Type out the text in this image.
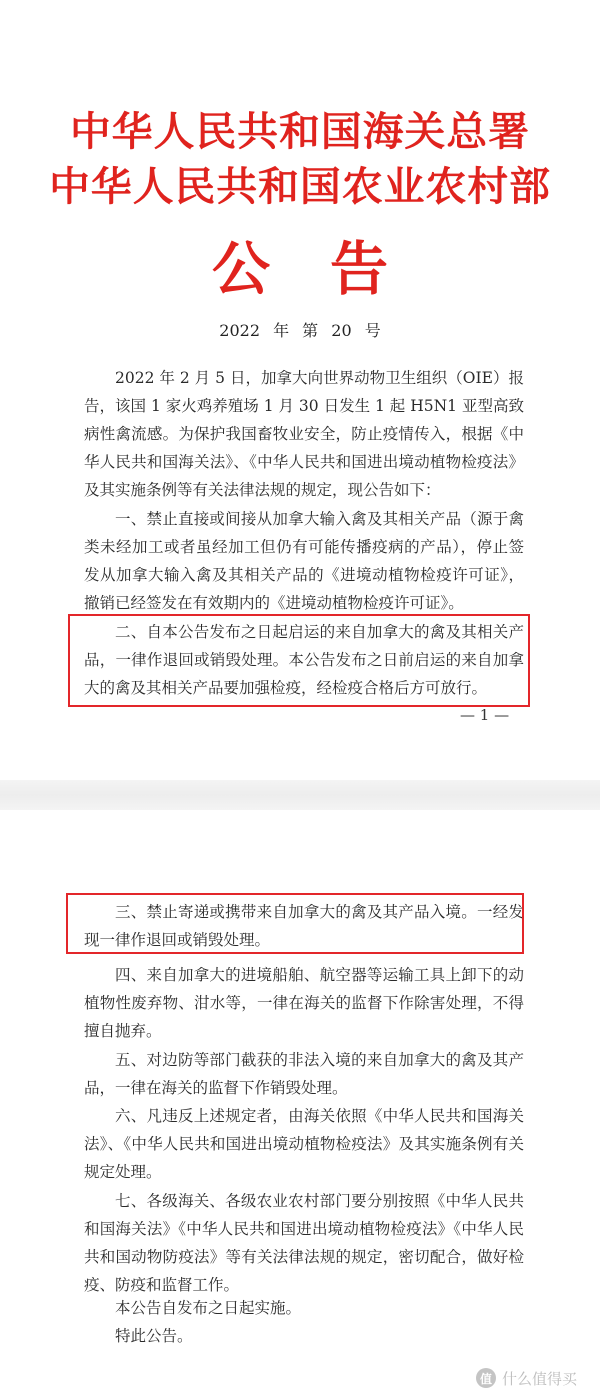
中华人民共和国海关总署
中华人民共和国农业农村部
公告
2022 年 第 20 号

2022 年 2 月 5 日，加拿大向世界动物卫生组织（OIE）报告，该国 1 家火鸡养殖场 1 月 30 日发生 1 起 H5N1 亚型高致病性禽流感。为保护我国畜牧业安全，防止疫情传入，根据《中华人民共和国海关法》、《中华人民共和国进出境动植物检疫法》及其实施条例等有关法律法规的规定，现公告如下：

一、禁止直接或间接从加拿大输入禽及其相关产品（源于禽类未经加工或者虽经加工但仍有可能传播疫病的产品），停止签发从加拿大输入禽及其相关产品的《进境动植物检疫许可证》，撤销已经签发在有效期内的《进境动植物检疫许可证》。

二、自本公告发布之日起启运的来自加拿大的禽及其相关产品，一律作退回或销毁处理。本公告发布之日前启运的来自加拿大的禽及其相关产品要加强检疫，经检疫合格后方可放行。

— 1 —

三、禁止寄递或携带来自加拿大的禽及其产品入境。一经发现一律作退回或销毁处理。

四、来自加拿大的进境船舶、航空器等运输工具上卸下的动植物性废弃物、泔水等，一律在海关的监督下作除害处理，不得擅自抛弃。

五、对边防等部门截获的非法入境的来自加拿大的禽及其产品，一律在海关的监督下作销毁处理。

六、凡违反上述规定者，由海关依照《中华人民共和国海关法》、《中华人民共和国进出境动植物检疫法》及其实施条例有关规定处理。

七、各级海关、各级农业农村部门要分别按照《中华人民共和国海关法》《中华人民共和国进出境动植物检疫法》《中华人民共和国动物防疫法》等有关法律法规的规定，密切配合，做好检疫、防疫和监督工作。

本公告自发布之日起实施。

特此公告。

值 什么值得买
